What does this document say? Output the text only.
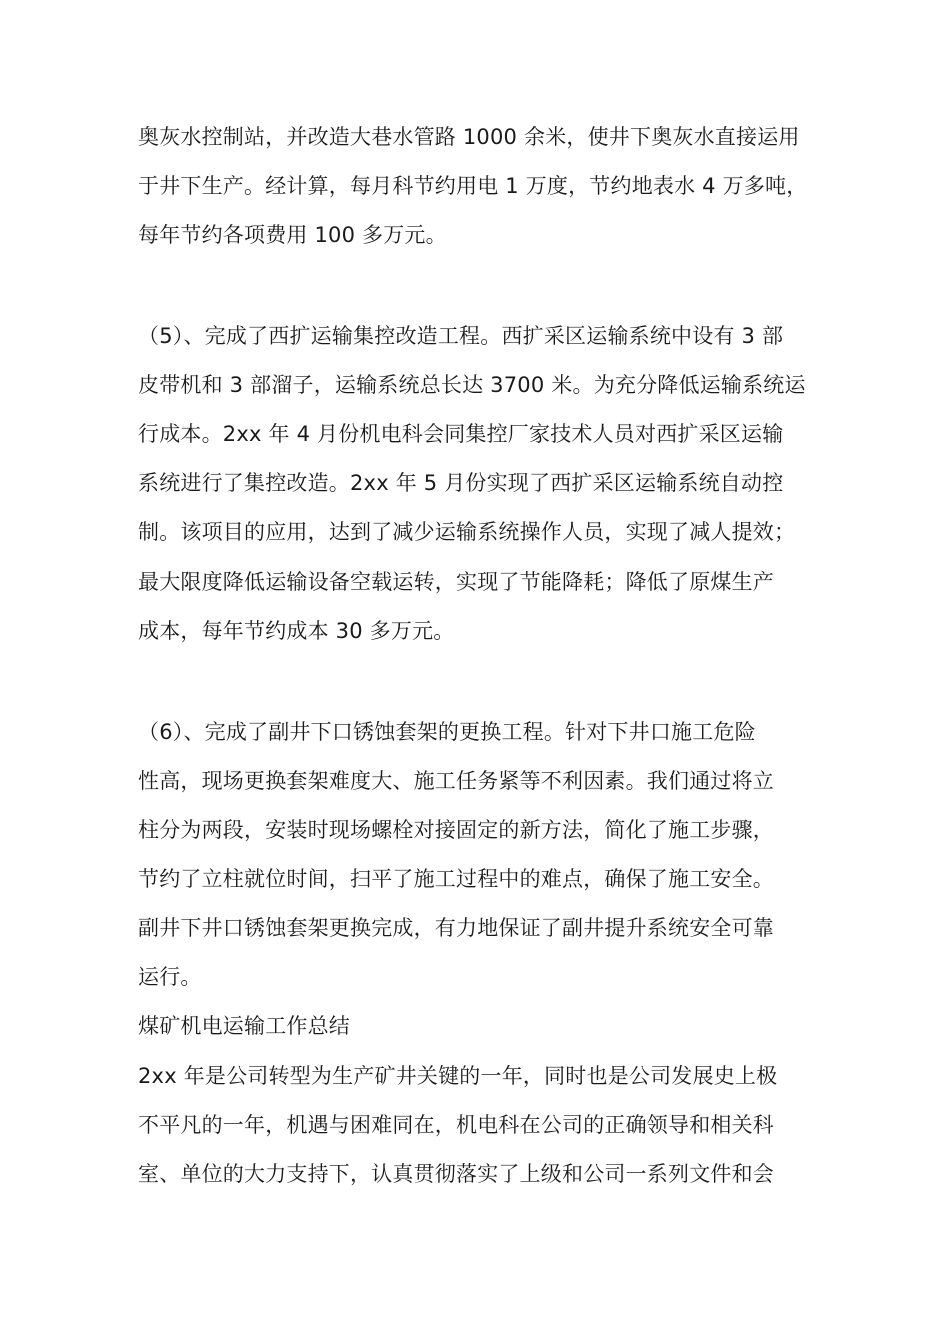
奥灰水控制站，并改造大巷水管路 1000 余米，使井下奥灰水直接运用
于井下生产。经计算，每月科节约用电 1 万度，节约地表水 4 万多吨，
每年节约各项费用 100 多万元。
（5）、完成了西扩运输集控改造工程。西扩采区运输系统中设有 3 部
皮带机和 3 部溜子，运输系统总长达 3700 米。为充分降低运输系统运
行成本。2xx 年 4 月份机电科会同集控厂家技术人员对西扩采区运输
系统进行了集控改造。2xx 年 5 月份实现了西扩采区运输系统自动控
制。该项目的应用，达到了减少运输系统操作人员，实现了减人提效；
最大限度降低运输设备空载运转，实现了节能降耗；降低了原煤生产
成本，每年节约成本 30 多万元。
（6）、完成了副井下口锈蚀套架的更换工程。针对下井口施工危险
性高，现场更换套架难度大、施工任务紧等不利因素。我们通过将立
柱分为两段，安装时现场螺栓对接固定的新方法，简化了施工步骤，
节约了立柱就位时间，扫平了施工过程中的难点，确保了施工安全。
副井下井口锈蚀套架更换完成，有力地保证了副井提升系统安全可靠
运行。
煤矿机电运输工作总结
2xx 年是公司转型为生产矿井关键的一年，同时也是公司发展史上极
不平凡的一年，机遇与困难同在，机电科在公司的正确领导和相关科
室、单位的大力支持下，认真贯彻落实了上级和公司一系列文件和会
